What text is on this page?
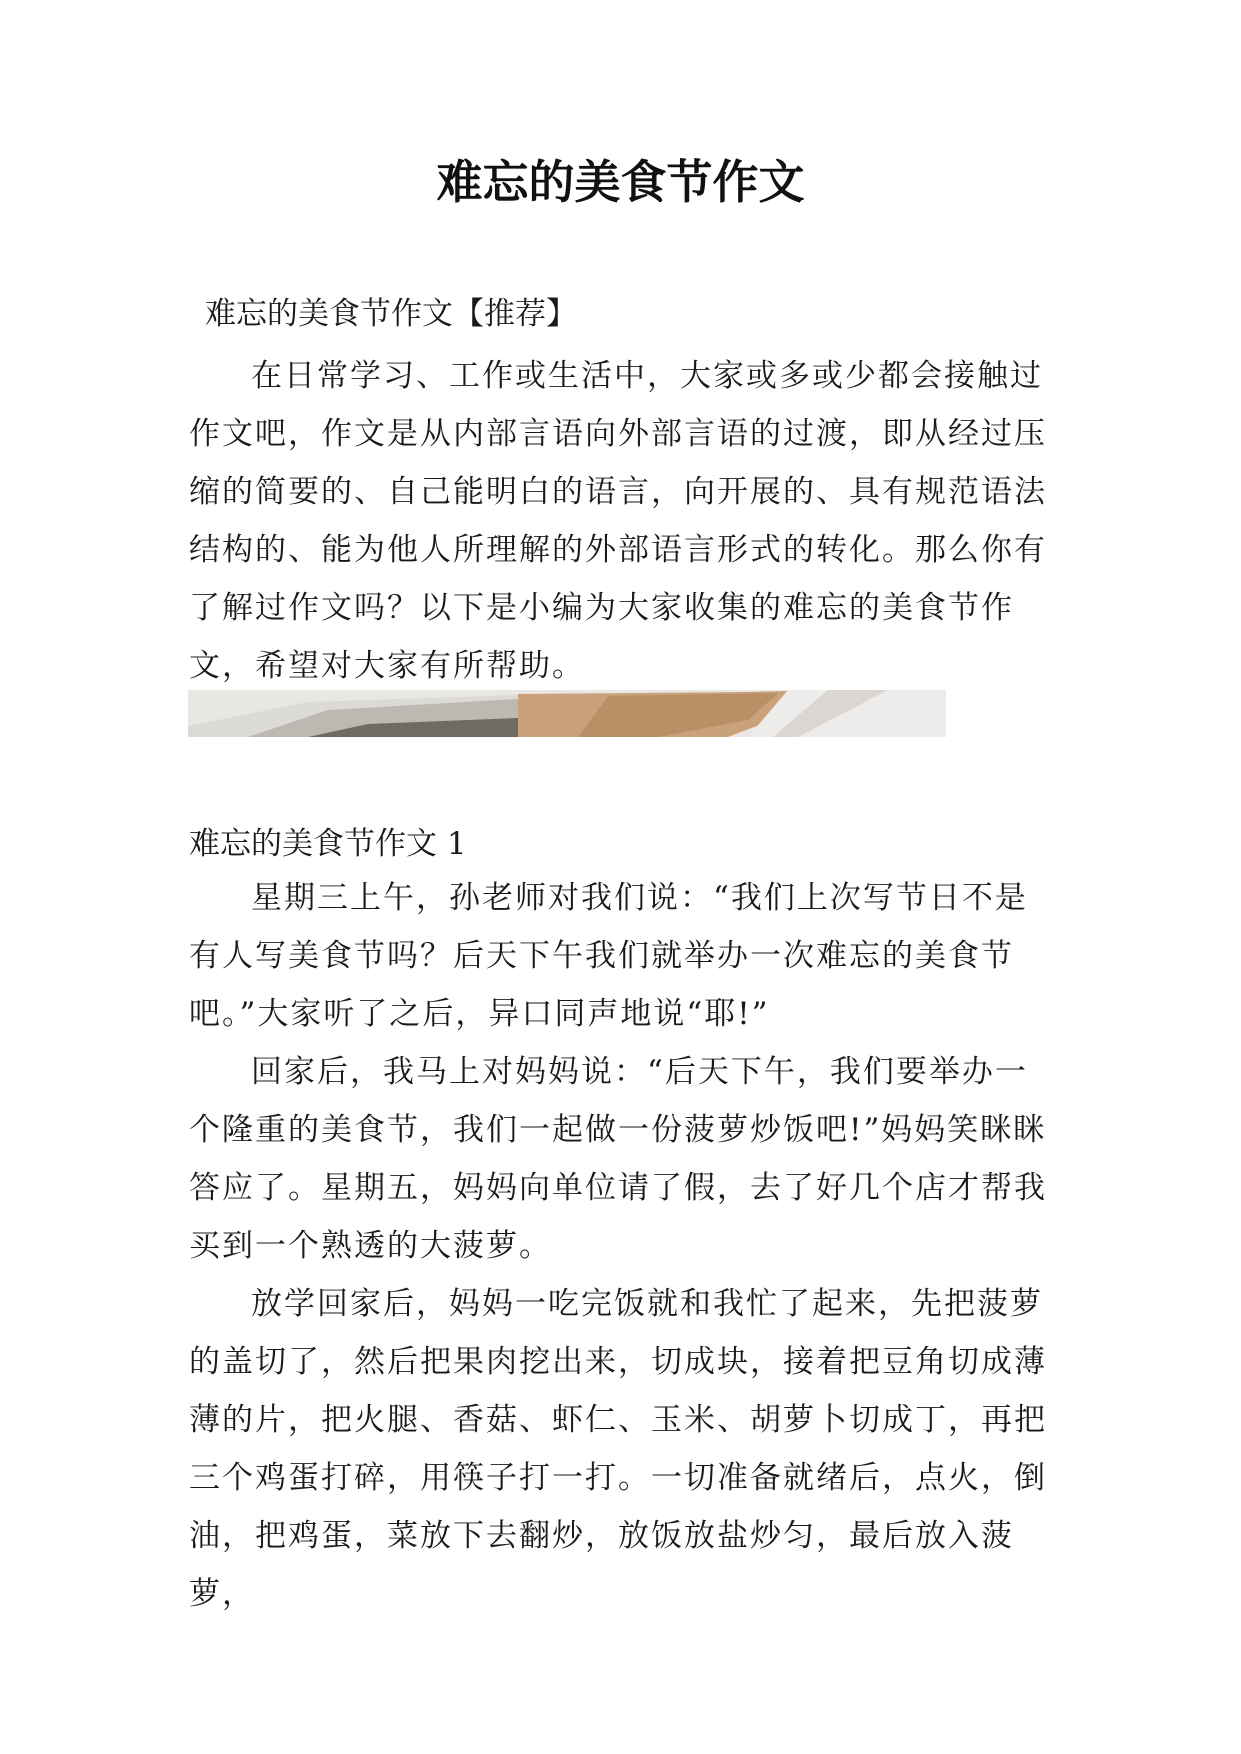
难忘的美食节作文
难忘的美食节作文【推荐】

在日常学习、工作或生活中，大家或多或少都会接触过作文吧，作文是从内部言语向外部言语的过渡，即从经过压缩的简要的、自己能明白的语言，向开展的、具有规范语法结构的、能为他人所理解的外部语言形式的转化。那么你有了解过作文吗？以下是小编为大家收集的难忘的美食节作文，希望对大家有所帮助。

难忘的美食节作文 1

星期三上午，孙老师对我们说：“我们上次写节日不是有人写美食节吗？后天下午我们就举办一次难忘的美食节吧。”大家听了之后，异口同声地说“耶!”

回家后，我马上对妈妈说：“后天下午，我们要举办一个隆重的美食节，我们一起做一份菠萝炒饭吧!”妈妈笑眯眯答应了。星期五，妈妈向单位请了假，去了好几个店才帮我买到一个熟透的大菠萝。

放学回家后，妈妈一吃完饭就和我忙了起来，先把菠萝的盖切了，然后把果肉挖出来，切成块，接着把豆角切成薄薄的片，把火腿、香菇、虾仁、玉米、胡萝卜切成丁，再把三个鸡蛋打碎，用筷子打一打。一切准备就绪后，点火，倒油，把鸡蛋，菜放下去翻炒，放饭放盐炒匀，最后放入菠萝，
